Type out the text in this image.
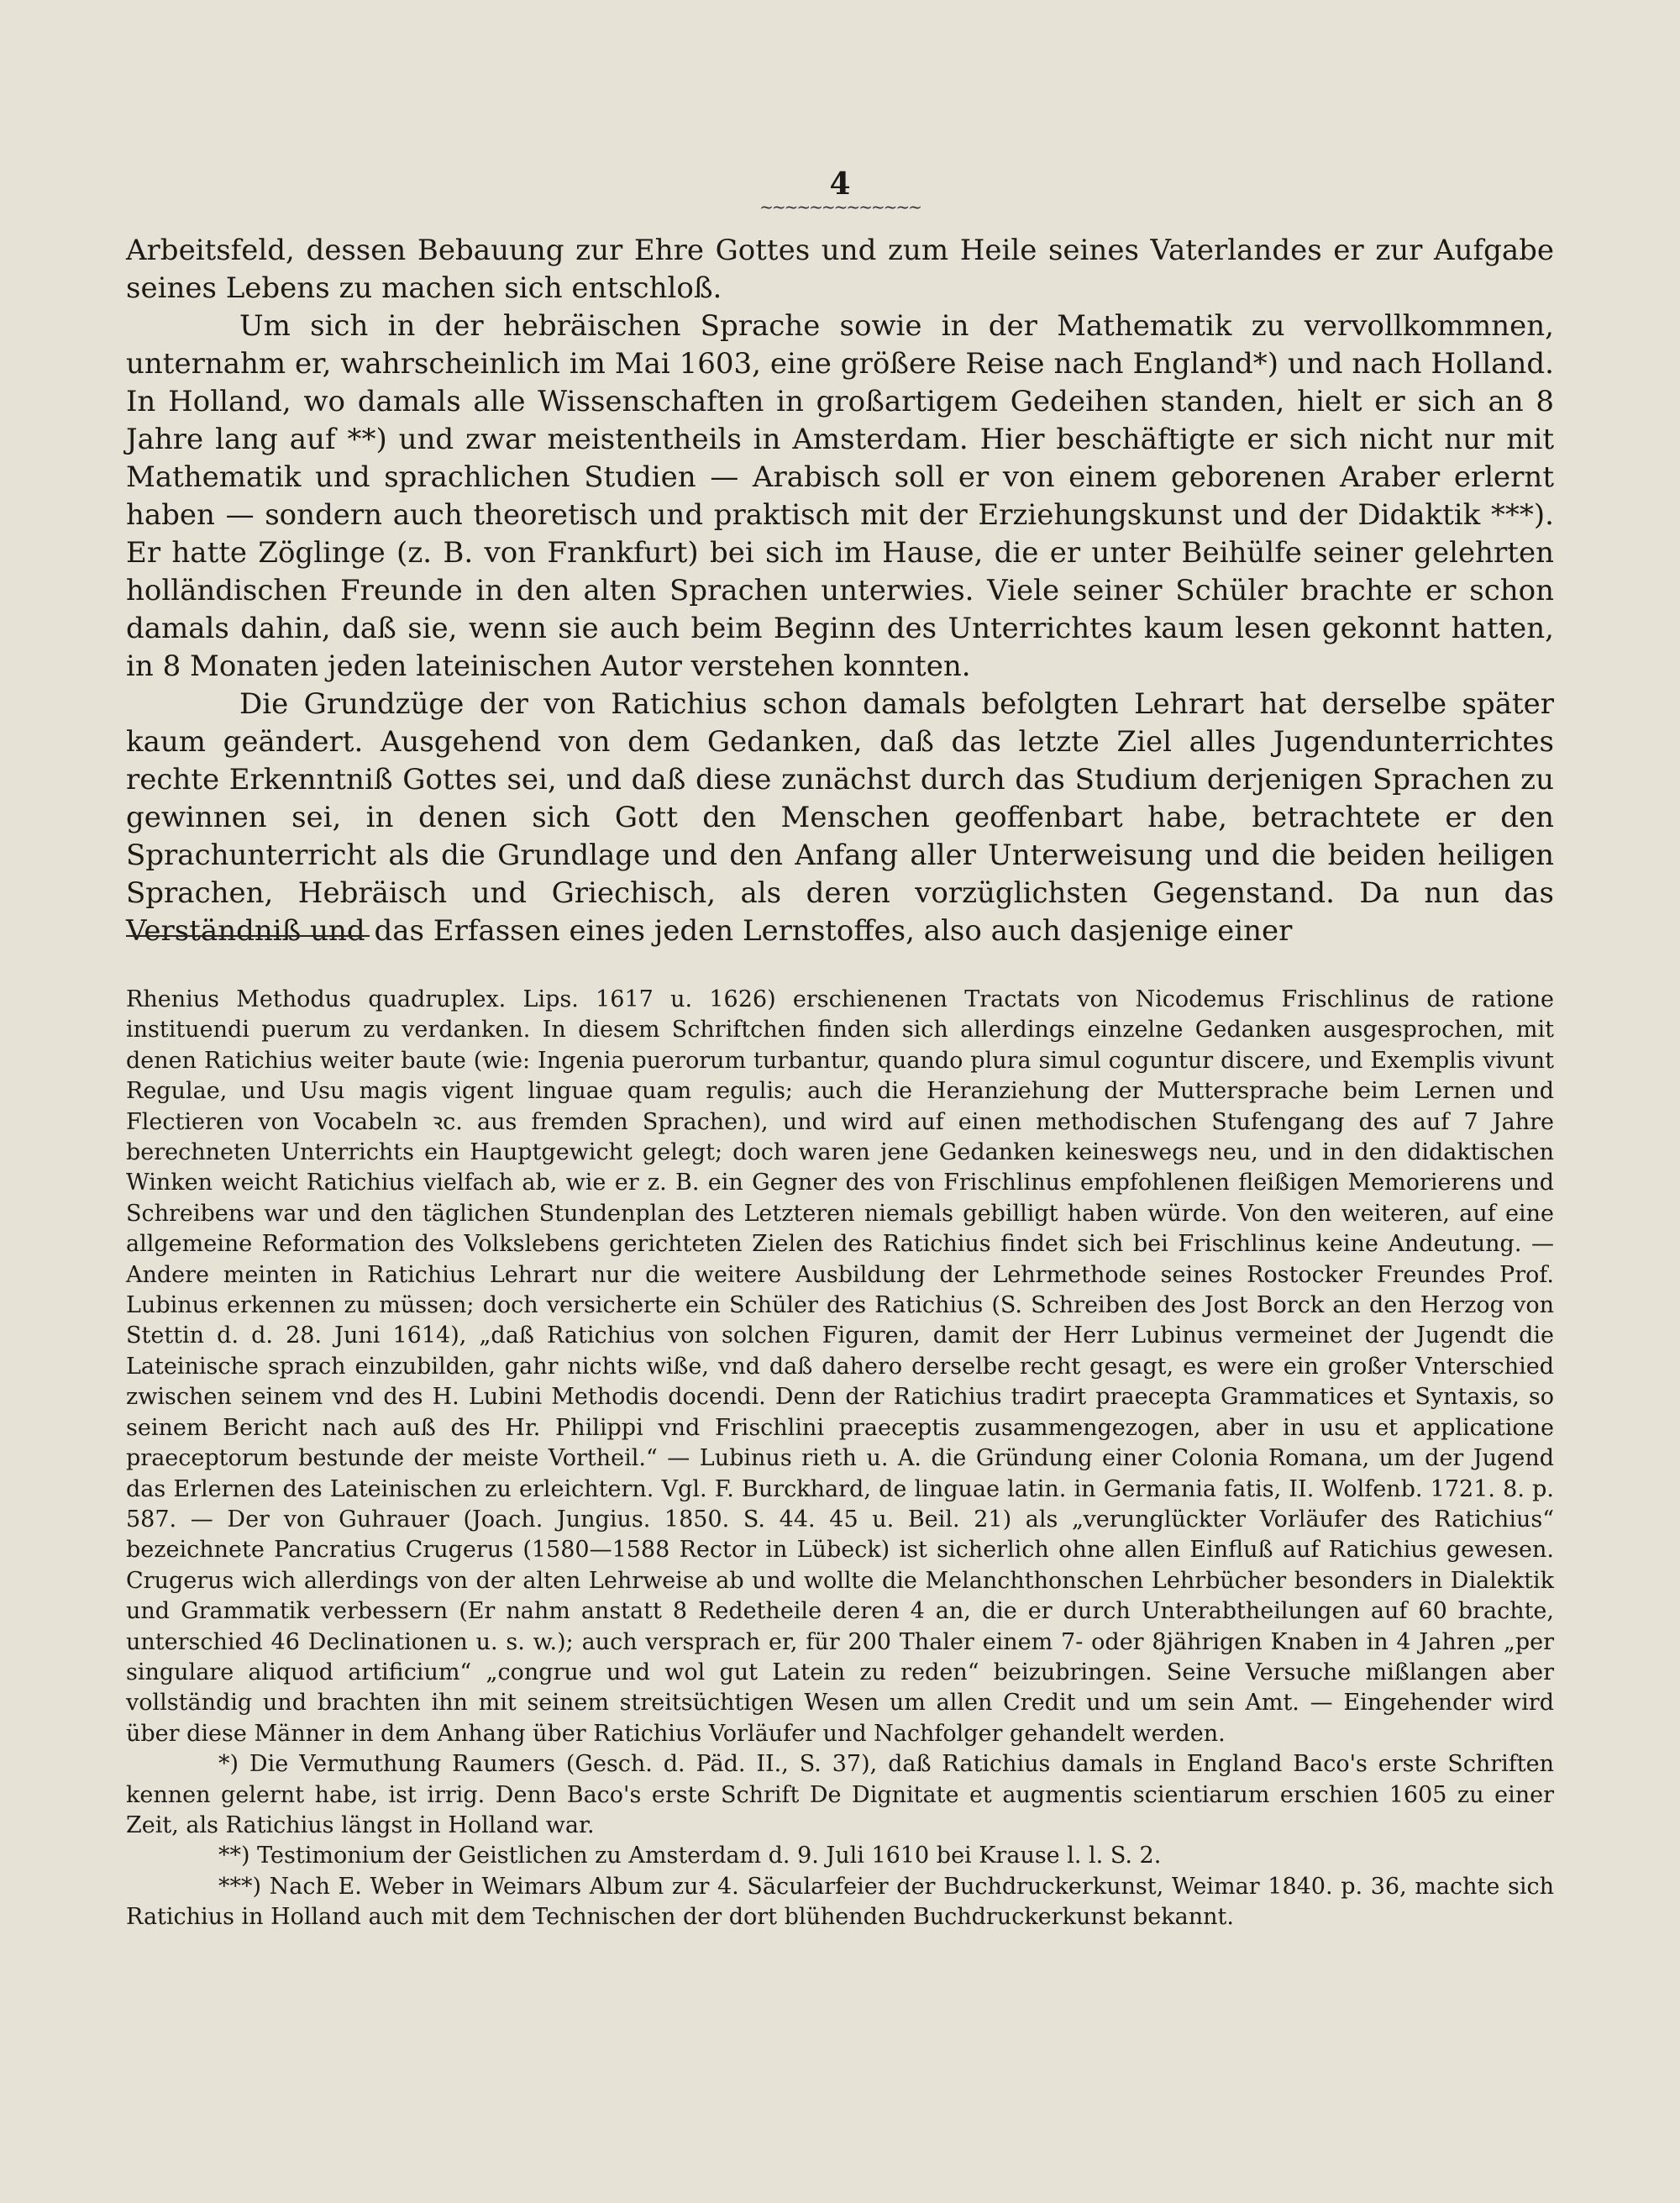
4
~~~~~~~~~~~~~

Arbeitsfeld, dessen Bebauung zur Ehre Gottes und zum Heile seines Vaterlandes er zur Aufgabe seines Lebens zu machen sich entschloß.

Um sich in der hebräischen Sprache sowie in der Mathematik zu vervollkommnen, unternahm er, wahrscheinlich im Mai 1603, eine größere Reise nach England*) und nach Holland. In Holland, wo damals alle Wissenschaften in großartigem Gedeihen standen, hielt er sich an 8 Jahre lang auf **) und zwar meistentheils in Amsterdam. Hier beschäftigte er sich nicht nur mit Mathematik und sprachlichen Studien — Arabisch soll er von einem geborenen Araber erlernt haben — sondern auch theoretisch und praktisch mit der Erziehungskunst und der Didaktik ***). Er hatte Zöglinge (z. B. von Frankfurt) bei sich im Hause, die er unter Beihülfe seiner gelehrten holländischen Freunde in den alten Sprachen unterwies. Viele seiner Schüler brachte er schon damals dahin, daß sie, wenn sie auch beim Beginn des Unterrichtes kaum lesen gekonnt hatten, in 8 Monaten jeden lateinischen Autor verstehen konnten.

Die Grundzüge der von Ratichius schon damals befolgten Lehrart hat derselbe später kaum geändert. Ausgehend von dem Gedanken, daß das letzte Ziel alles Jugendunterrichtes rechte Erkenntniß Gottes sei, und daß diese zunächst durch das Studium derjenigen Sprachen zu gewinnen sei, in denen sich Gott den Menschen geoffenbart habe, betrachtete er den Sprachunterricht als die Grundlage und den Anfang aller Unterweisung und die beiden heiligen Sprachen, Hebräisch und Griechisch, als deren vorzüglichsten Gegenstand. Da nun das Verständniß und das Erfassen eines jeden Lernstoffes, also auch dasjenige einer

Rhenius Methodus quadruplex. Lips. 1617 u. 1626) erschienenen Tractats von Nicodemus Frischlinus de ratione instituendi puerum zu verdanken. In diesem Schriftchen finden sich allerdings einzelne Gedanken ausgesprochen, mit denen Ratichius weiter baute (wie: Ingenia puerorum turbantur, quando plura simul coguntur discere, und Exemplis vivunt Regulae, und Usu magis vigent linguae quam regulis; auch die Heranziehung der Muttersprache beim Lernen und Flectieren von Vocabeln ꝛc. aus fremden Sprachen), und wird auf einen methodischen Stufengang des auf 7 Jahre berechneten Unterrichts ein Hauptgewicht gelegt; doch waren jene Gedanken keineswegs neu, und in den didaktischen Winken weicht Ratichius vielfach ab, wie er z. B. ein Gegner des von Frischlinus empfohlenen fleißigen Memorierens und Schreibens war und den täglichen Stundenplan des Letzteren niemals gebilligt haben würde. Von den weiteren, auf eine allgemeine Reformation des Volkslebens gerichteten Zielen des Ratichius findet sich bei Frischlinus keine Andeutung. — Andere meinten in Ratichius Lehrart nur die weitere Ausbildung der Lehrmethode seines Rostocker Freundes Prof. Lubinus erkennen zu müssen; doch versicherte ein Schüler des Ratichius (S. Schreiben des Jost Borck an den Herzog von Stettin d. d. 28. Juni 1614), „daß Ratichius von solchen Figuren, damit der Herr Lubinus vermeinet der Jugendt die Lateinische sprach einzubilden, gahr nichts wiße, vnd daß dahero derselbe recht gesagt, es were ein großer Vnterschied zwischen seinem vnd des H. Lubini Methodis docendi. Denn der Ratichius tradirt praecepta Grammatices et Syntaxis, so seinem Bericht nach auß des Hr. Philippi vnd Frischlini praeceptis zusammengezogen, aber in usu et applicatione praeceptorum bestunde der meiste Vortheil.“ — Lubinus rieth u. A. die Gründung einer Colonia Romana, um der Jugend das Erlernen des Lateinischen zu erleichtern. Vgl. F. Burckhard, de linguae latin. in Germania fatis, II. Wolfenb. 1721. 8. p. 587. — Der von Guhrauer (Joach. Jungius. 1850. S. 44. 45 u. Beil. 21) als „verunglückter Vorläufer des Ratichius“ bezeichnete Pancratius Crugerus (1580—1588 Rector in Lübeck) ist sicherlich ohne allen Einfluß auf Ratichius gewesen. Crugerus wich allerdings von der alten Lehrweise ab und wollte die Melanchthonschen Lehrbücher besonders in Dialektik und Grammatik verbessern (Er nahm anstatt 8 Redetheile deren 4 an, die er durch Unterabtheilungen auf 60 brachte, unterschied 46 Declinationen u. s. w.); auch versprach er, für 200 Thaler einem 7- oder 8jährigen Knaben in 4 Jahren „per singulare aliquod artificium“ „congrue und wol gut Latein zu reden“ beizubringen. Seine Versuche mißlangen aber vollständig und brachten ihn mit seinem streitsüchtigen Wesen um allen Credit und um sein Amt. — Eingehender wird über diese Männer in dem Anhang über Ratichius Vorläufer und Nachfolger gehandelt werden.

*) Die Vermuthung Raumers (Gesch. d. Päd. II., S. 37), daß Ratichius damals in England Baco's erste Schriften kennen gelernt habe, ist irrig. Denn Baco's erste Schrift De Dignitate et augmentis scientiarum erschien 1605 zu einer Zeit, als Ratichius längst in Holland war.

**) Testimonium der Geistlichen zu Amsterdam d. 9. Juli 1610 bei Krause l. l. S. 2.

***) Nach E. Weber in Weimars Album zur 4. Säcularfeier der Buchdruckerkunst, Weimar 1840. p. 36, machte sich Ratichius in Holland auch mit dem Technischen der dort blühenden Buchdruckerkunst bekannt.
